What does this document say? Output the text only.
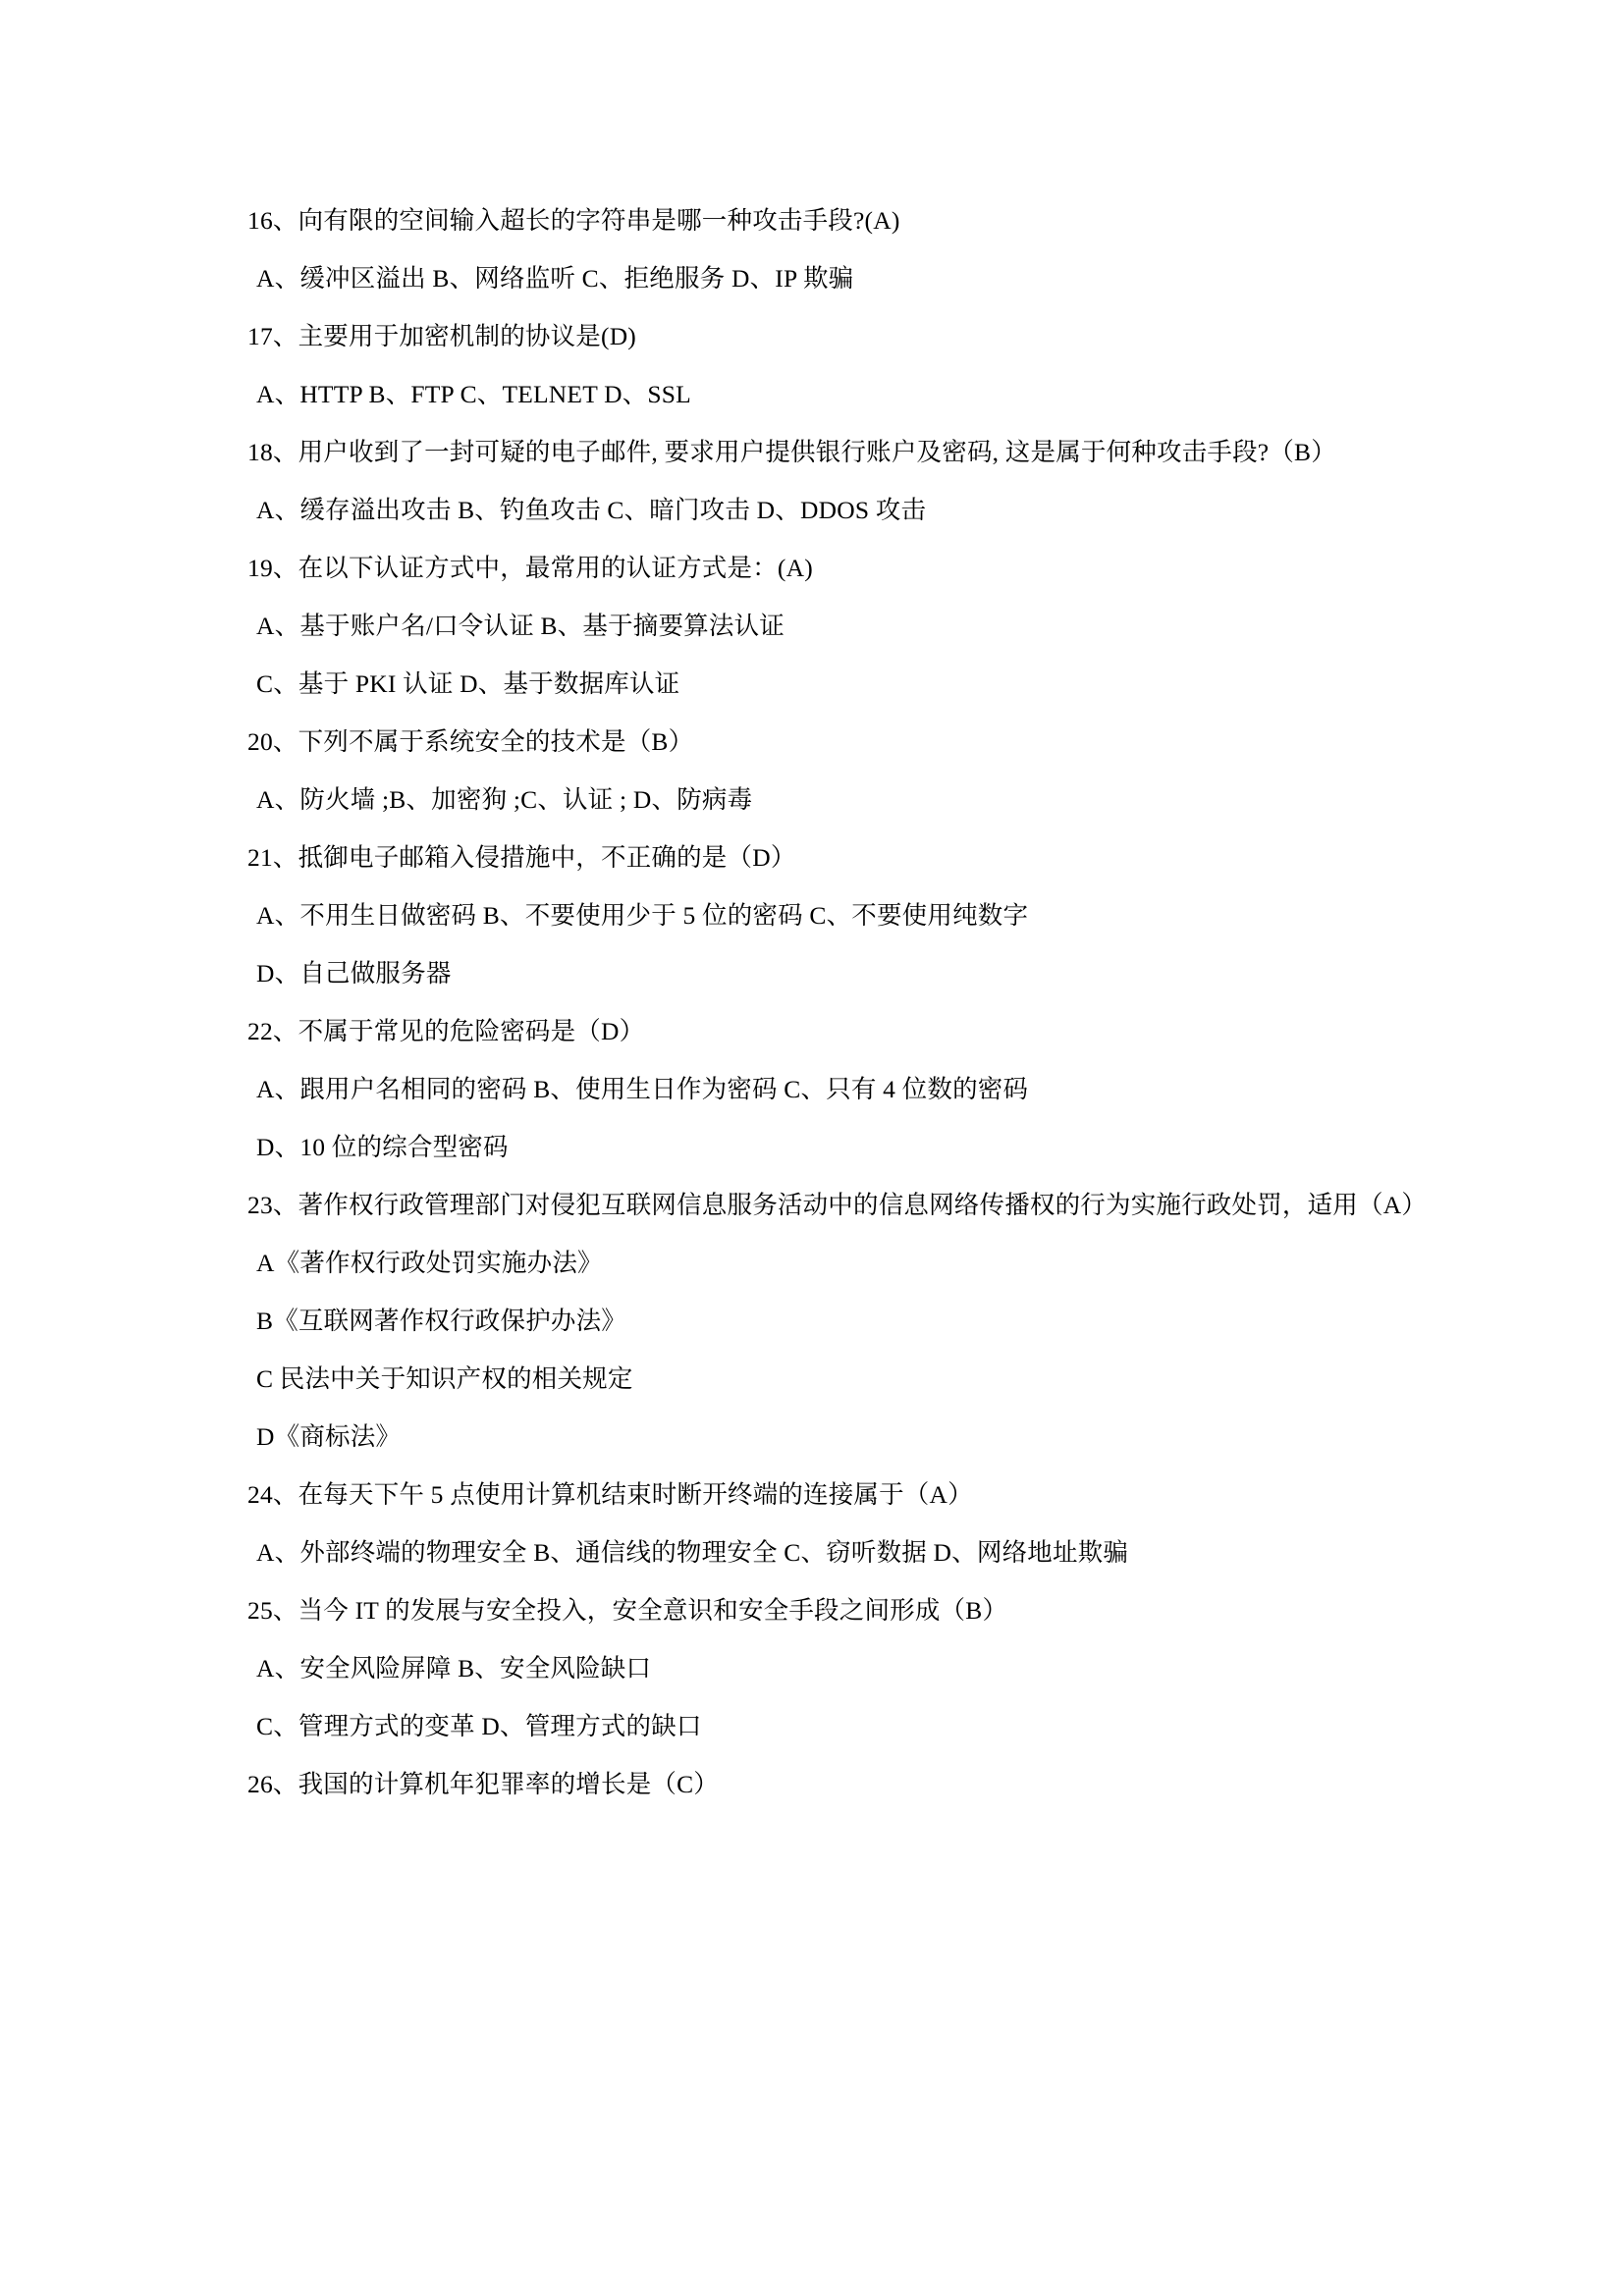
16、向有限的空间输入超长的字符串是哪一种攻击手段?(A)

A、缓冲区溢出 B、网络监听 C、拒绝服务 D、IP 欺骗

17、主要用于加密机制的协议是(D)

A、HTTP B、FTP C、TELNET D、SSL

18、用户收到了一封可疑的电子邮件, 要求用户提供银行账户及密码, 这是属于何种攻击手段?（B）

A、缓存溢出攻击 B、钓鱼攻击 C、暗门攻击 D、DDOS 攻击

19、在以下认证方式中，最常用的认证方式是：(A)

A、基于账户名/口令认证 B、基于摘要算法认证

C、基于 PKI 认证 D、基于数据库认证

20、下列不属于系统安全的技术是（B）

A、防火墙 ;B、加密狗 ;C、认证 ; D、防病毒

21、抵御电子邮箱入侵措施中，不正确的是（D）

A、不用生日做密码 B、不要使用少于 5 位的密码 C、不要使用纯数字

D、自己做服务器

22、不属于常见的危险密码是（D）

A、跟用户名相同的密码 B、使用生日作为密码 C、只有 4 位数的密码

D、10 位的综合型密码

23、著作权行政管理部门对侵犯互联网信息服务活动中的信息网络传播权的行为实施行政处罚，适用（A）

A《著作权行政处罚实施办法》

B《互联网著作权行政保护办法》

C 民法中关于知识产权的相关规定

D《商标法》

24、在每天下午 5 点使用计算机结束时断开终端的连接属于（A）

A、外部终端的物理安全 B、通信线的物理安全 C、窃听数据 D、网络地址欺骗

25、当今 IT 的发展与安全投入，安全意识和安全手段之间形成（B）

A、安全风险屏障 B、安全风险缺口

C、管理方式的变革 D、管理方式的缺口

26、我国的计算机年犯罪率的增长是（C）
